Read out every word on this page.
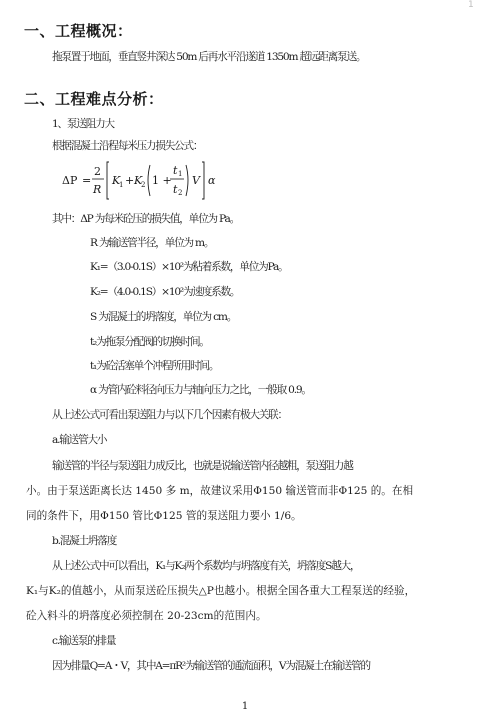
1
一、工程概况：
拖泵置于地面，垂直竖井深达 50m 后再水平沿遂道 1350m 超远距离泵送。
二、工程难点分析：
1、泵送阻力大
根据混凝土沿程每米压力损失公式：
ΔP =
2
R
K
1 + K
2 1 +
t 1
t 2
V α
其中：ΔP 为每米砼压的损失值，单位为 Pa。
R 为输送管半径，单位为 m。
K₁=（3.0-0.1S）×10²为粘着系数，单位为Pa。
K₂=（4.0-0.1S）×10²为速度系数。
S 为混凝土的坍落度，单位为 cm。
t₂为拖泵分配阀的切换时间。
t₁为砼活塞单个冲程所用时间。
α 为管内砼料径向压力与轴向压力之比，一般取 0.9。
从上述公式可看出泵送阻力与以下几个因素有极大关联：
a.输送管大小
输送管的半径与泵送阻力成反比，也就是说输送管内径越粗，泵送阻力越
小。由于泵送距离长达 1450 多 m，故建议采用Φ150 输送管而非Φ125 的。在相
同的条件下，用Φ150 管比Φ125 管的泵送阻力要小 1/6。
b.混凝土坍落度
从上述公式中可以看出，K₁与K₂两个系数均与坍落度有关，坍落度S越大，
K₁与K₂的值越小，从而泵送砼压损失△P也越小。根据全国各重大工程泵送的经验，
砼入料斗的坍落度必须控制在 20-23cm的范围内。
c.输送泵的排量
因为排量Q=A・V，其中A=πR²为输送管的通流面积，V为混凝土在输送管的
1
